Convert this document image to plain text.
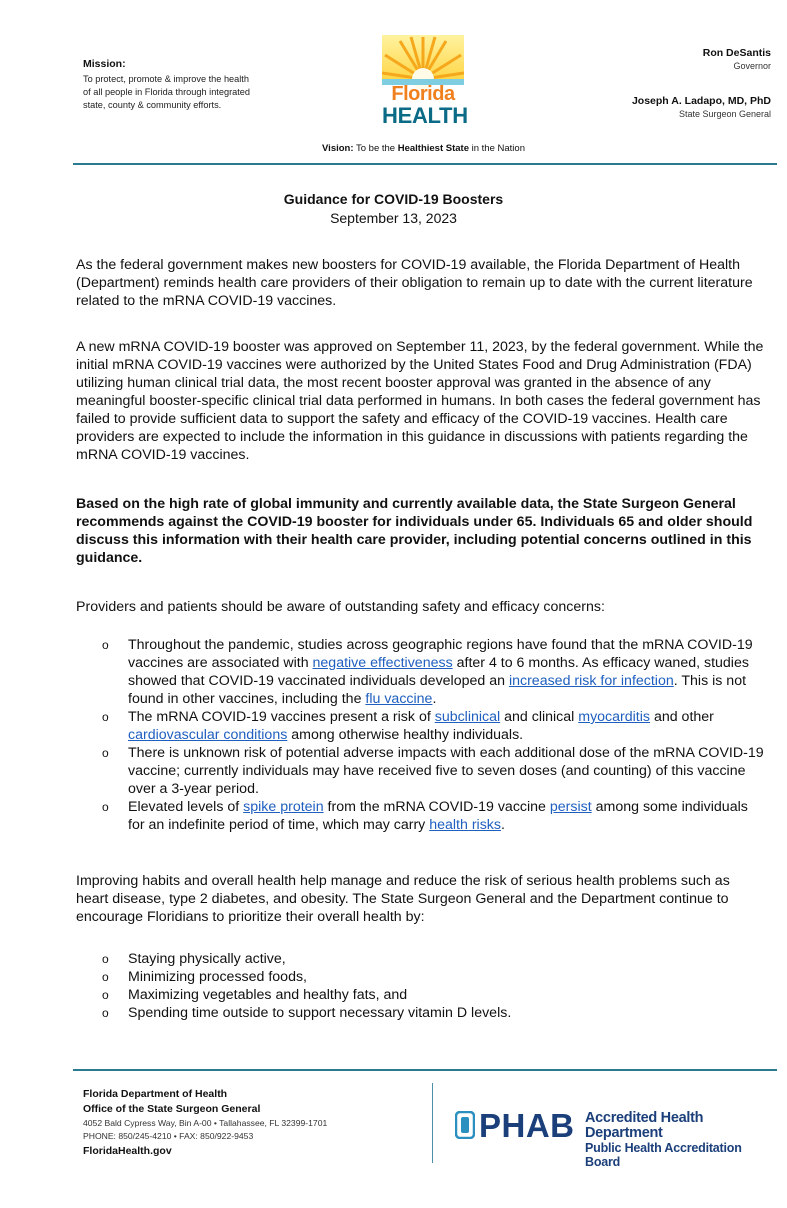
Mission:
To protect, promote & improve the health
of all people in Florida through integrated
state, county & community efforts.	Florida
HEALTH
Ron DeSantis
Governor
Joseph A. Ladapo, MD, PhD
State Surgeon General
Vision: To be the Healthiest State in the Nation
Guidance for COVID-19 Boosters
September 13, 2023
As the federal government makes new boosters for COVID-19 available, the Florida Department of Health (Department) reminds health care providers of their obligation to remain up to date with the current literature related to the mRNA COVID-19 vaccines.
A new mRNA COVID-19 booster was approved on September 11, 2023, by the federal government. While the initial mRNA COVID-19 vaccines were authorized by the United States Food and Drug Administration (FDA) utilizing human clinical trial data, the most recent booster approval was granted in the absence of any meaningful booster-specific clinical trial data performed in humans. In both cases the federal government has failed to provide sufficient data to support the safety and efficacy of the COVID-19 vaccines. Health care providers are expected to include the information in this guidance in discussions with patients regarding the mRNA COVID-19 vaccines.
Based on the high rate of global immunity and currently available data, the State Surgeon General recommends against the COVID-19 booster for individuals under 65. Individuals 65 and older should discuss this information with their health care provider, including potential concerns outlined in this guidance.
Providers and patients should be aware of outstanding safety and efficacy concerns:
o Throughout the pandemic, studies across geographic regions have found that the mRNA COVID-19 vaccines are associated with negative effectiveness after 4 to 6 months. As efficacy waned, studies showed that COVID-19 vaccinated individuals developed an increased risk for infection. This is not found in other vaccines, including the flu vaccine.
o The mRNA COVID-19 vaccines present a risk of subclinical and clinical myocarditis and other cardiovascular conditions among otherwise healthy individuals.
o There is unknown risk of potential adverse impacts with each additional dose of the mRNA COVID-19 vaccine; currently individuals may have received five to seven doses (and counting) of this vaccine over a 3-year period.
o Elevated levels of spike protein from the mRNA COVID-19 vaccine persist among some individuals for an indefinite period of time, which may carry health risks.
Improving habits and overall health help manage and reduce the risk of serious health problems such as heart disease, type 2 diabetes, and obesity. The State Surgeon General and the Department continue to encourage Floridians to prioritize their overall health by:
o Staying physically active,
o Minimizing processed foods,
o Maximizing vegetables and healthy fats, and
o Spending time outside to support necessary vitamin D levels.
Florida Department of Health
Office of the State Surgeon General
4052 Bald Cypress Way, Bin A-00 • Tallahassee, FL 32399-1701
PHONE: 850/245-4210 • FAX: 850/922-9453
FloridaHealth.gov
PHAB Accredited Health Department
Public Health Accreditation Board
